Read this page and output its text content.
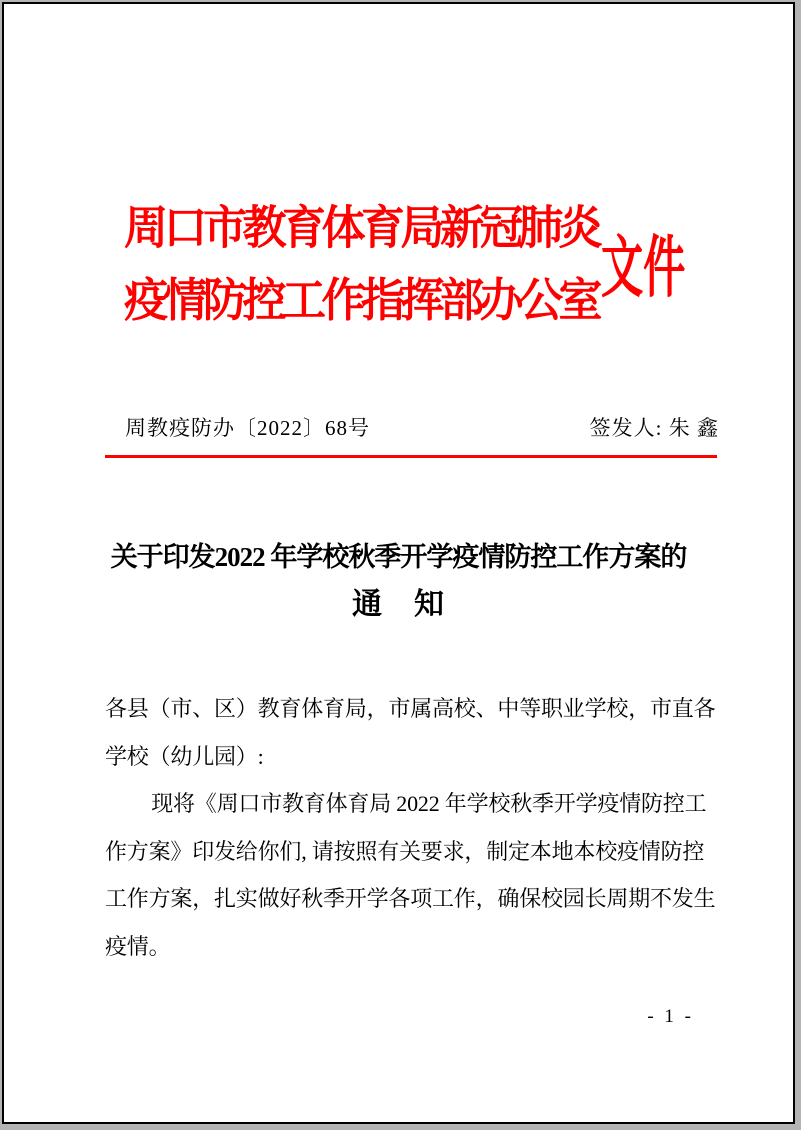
周口市教育体育局新冠肺炎
疫情防控工作指挥部办公室 文件
周教疫防办〔2022〕68号	签发人: 朱 鑫
关于印发2022 年学校秋季开学疫情防控工作方案的
通　知
各县（市、区）教育体育局，市属高校、中等职业学校，市直各
学校（幼儿园）:
现将《周口市教育体育局 2022 年学校秋季开学疫情防控工
作方案》印发给你们, 请按照有关要求，制定本地本校疫情防控
工作方案，扎实做好秋季开学各项工作，确保校园长周期不发生
疫情。
- 1 -
